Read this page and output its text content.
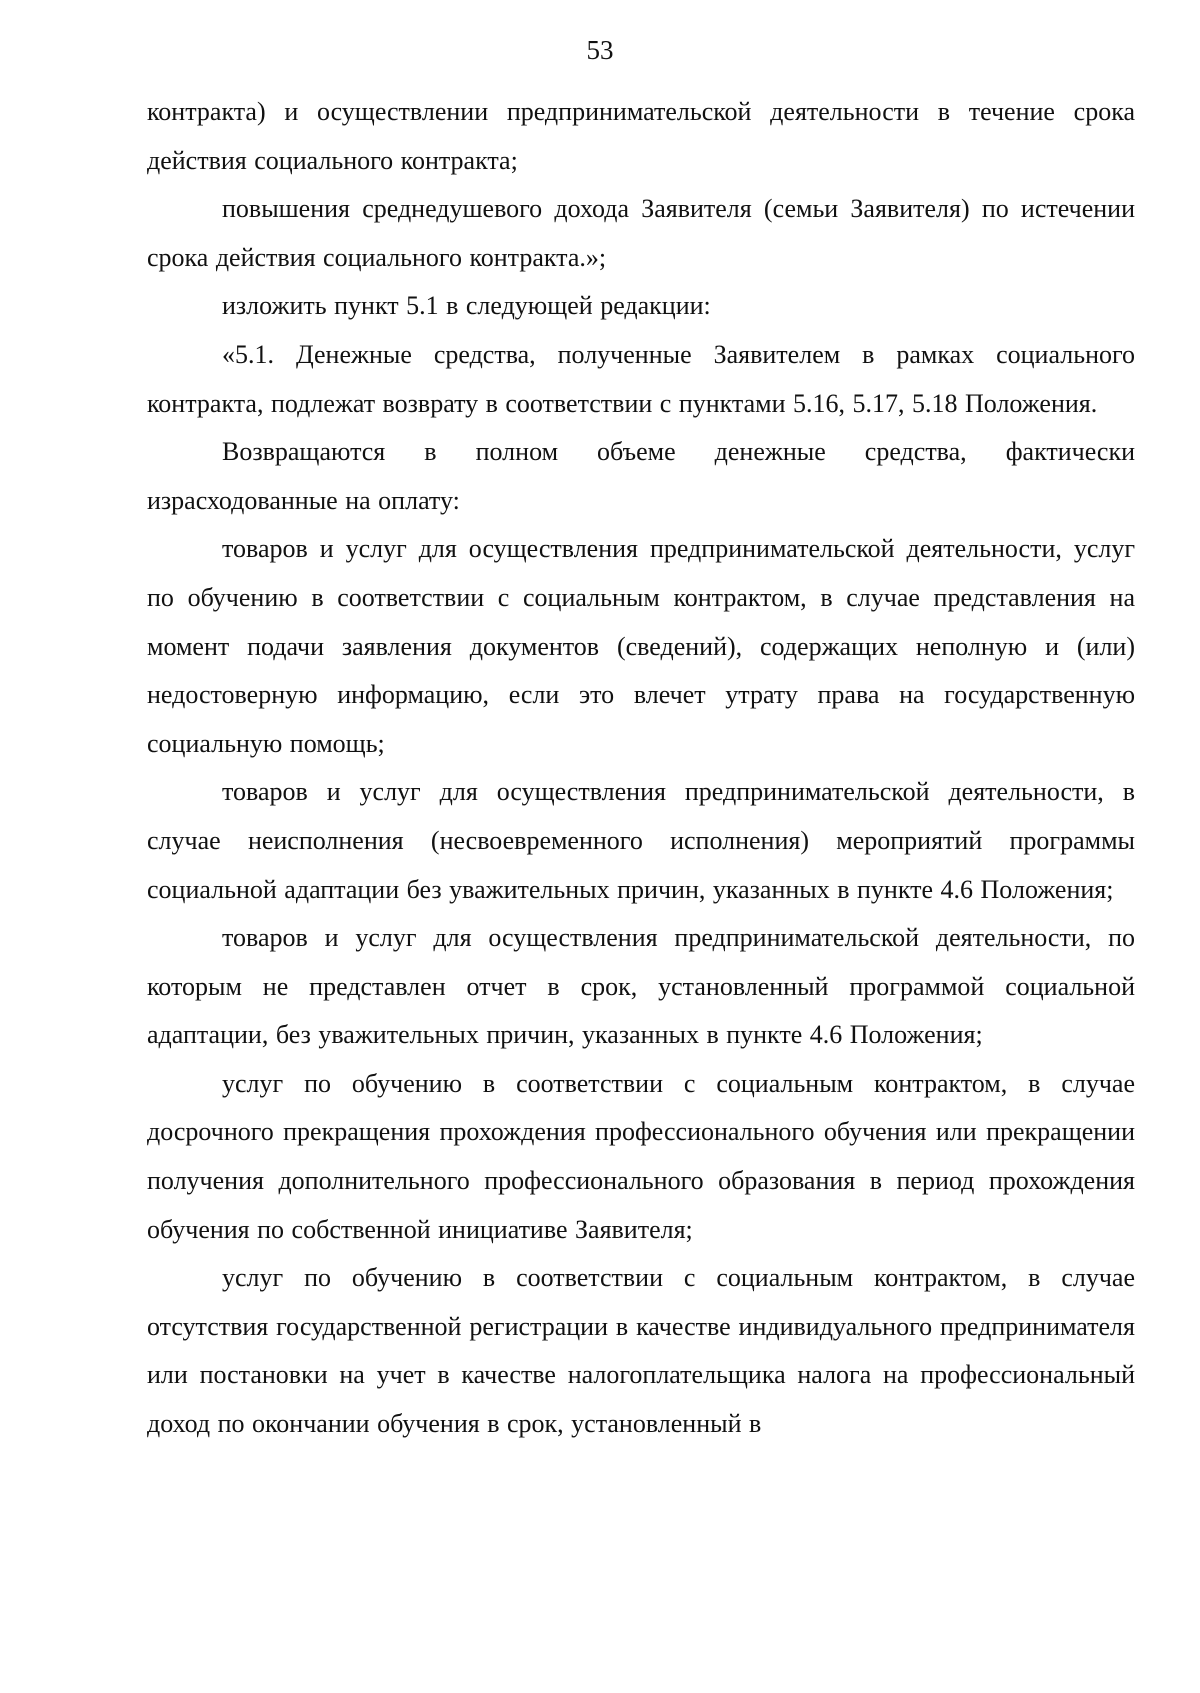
53

контракта) и осуществлении предпринимательской деятельности в течение срока действия социального контракта;

повышения среднедушевого дохода Заявителя (семьи Заявителя) по истечении срока действия социального контракта.»;

изложить пункт 5.1 в следующей редакции:

«5.1. Денежные средства, полученные Заявителем в рамках социального контракта, подлежат возврату в соответствии с пунктами 5.16, 5.17, 5.18 Положения.

Возвращаются в полном объеме денежные средства, фактически израсходованные на оплату:

товаров и услуг для осуществления предпринимательской деятельности, услуг по обучению в соответствии с социальным контрактом, в случае представления на момент подачи заявления документов (сведений), содержащих неполную и (или) недостоверную информацию, если это влечет утрату права на государственную социальную помощь;

товаров и услуг для осуществления предпринимательской деятельности, в случае неисполнения (несвоевременного исполнения) мероприятий программы социальной адаптации без уважительных причин, указанных в пункте 4.6 Положения;

товаров и услуг для осуществления предпринимательской деятельности, по которым не представлен отчет в срок, установленный программой социальной адаптации, без уважительных причин, указанных в пункте 4.6 Положения;

услуг по обучению в соответствии с социальным контрактом, в случае досрочного прекращения прохождения профессионального обучения или прекращении получения дополнительного профессионального образования в период прохождения обучения по собственной инициативе Заявителя;

услуг по обучению в соответствии с социальным контрактом, в случае отсутствия государственной регистрации в качестве индивидуального предпринимателя или постановки на учет в качестве налогоплательщика налога на профессиональный доход по окончании обучения в срок, установленный в
